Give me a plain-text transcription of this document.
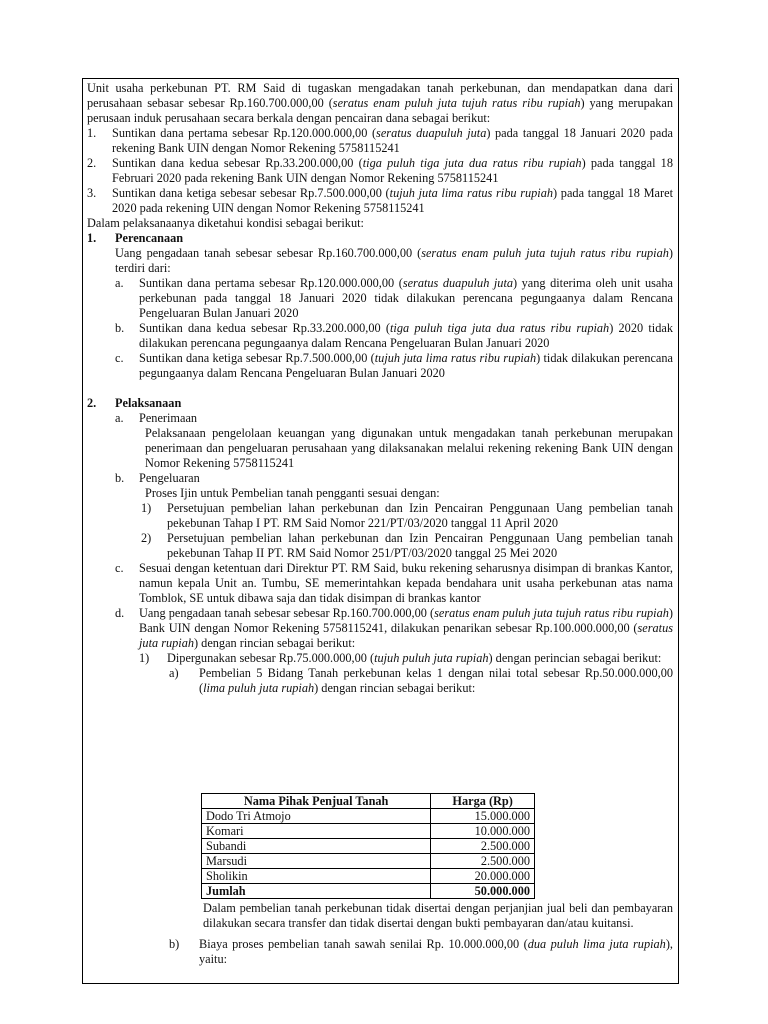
Unit usaha perkebunan PT. RM Said di tugaskan mengadakan tanah perkebunan, dan mendapatkan dana dari perusahaan sebasar sebesar Rp.160.700.000,00 (seratus enam puluh juta tujuh ratus ribu rupiah) yang merupakan perusaan induk perusahaan secara berkala dengan pencairan dana sebagai berikut:

1.	Suntikan dana pertama sebesar Rp.120.000.000,00 (seratus duapuluh juta) pada tanggal 18 Januari 2020 pada rekening Bank UIN dengan Nomor Rekening 5758115241

2.	Suntikan dana kedua sebesar Rp.33.200.000,00 (tiga puluh tiga juta dua ratus ribu rupiah) pada tanggal 18 Februari 2020 pada rekening Bank UIN dengan Nomor Rekening 5758115241

3.	Suntikan dana ketiga sebesar sebesar Rp.7.500.000,00 (tujuh juta lima ratus ribu rupiah) pada tanggal 18 Maret 2020 pada rekening UIN dengan Nomor Rekening 5758115241

Dalam pelaksanaanya diketahui kondisi sebagai berikut:

1.	Perencanaan

Uang pengadaan tanah sebesar sebesar Rp.160.700.000,00 (seratus enam puluh juta tujuh ratus ribu rupiah) terdiri dari:

a.	Suntikan dana pertama sebesar Rp.120.000.000,00 (seratus duapuluh juta) yang diterima oleh unit usaha perkebunan pada tanggal 18 Januari 2020 tidak dilakukan perencana pegungaanya dalam Rencana Pengeluaran Bulan Januari 2020

b.	Suntikan dana kedua sebesar Rp.33.200.000,00 (tiga puluh tiga juta dua ratus ribu rupiah) 2020 tidak dilakukan perencana pegungaanya dalam Rencana Pengeluaran Bulan Januari 2020

c.	Suntikan dana ketiga sebesar Rp.7.500.000,00 (tujuh juta lima ratus ribu rupiah) tidak dilakukan perencana pegungaanya dalam Rencana Pengeluaran Bulan Januari 2020

2.	Pelaksanaan
a.	Penerimaan

Pelaksanaan pengelolaan keuangan yang digunakan untuk mengadakan tanah perkebunan merupakan penerimaan dan pengeluaran perusahaan yang dilaksanakan melalui rekening rekening Bank UIN dengan Nomor Rekening 5758115241

b.	Pengeluaran

Proses Ijin untuk Pembelian tanah pengganti sesuai dengan:

1)	Persetujuan pembelian lahan perkebunan dan Izin Pencairan Penggunaan Uang pembelian tanah pekebunan Tahap I PT. RM Said Nomor 221/PT/03/2020 tanggal 11 April 2020

2)	Persetujuan pembelian lahan perkebunan dan Izin Pencairan Penggunaan Uang pembelian tanah pekebunan Tahap II PT. RM Said Nomor 251/PT/03/2020 tanggal 25 Mei 2020

c.	Sesuai dengan ketentuan dari Direktur PT. RM Said, buku rekening seharusnya disimpan di brankas Kantor, namun kepala Unit an. Tumbu, SE memerintahkan kepada bendahara unit usaha perkebunan atas nama Tomblok, SE untuk dibawa saja dan tidak disimpan di brankas kantor

d.	Uang pengadaan tanah sebesar sebesar Rp.160.700.000,00 (seratus enam puluh juta tujuh ratus ribu rupiah) Bank UIN dengan Nomor Rekening 5758115241, dilakukan penarikan sebesar Rp.100.000.000,00 (seratus juta rupiah) dengan rincian sebagai berikut:

1)	Dipergunakan sebesar Rp.75.000.000,00 (tujuh puluh juta rupiah) dengan perincian sebagai berikut:

a)	Pembelian 5 Bidang Tanah perkebunan kelas 1 dengan nilai total sebesar Rp.50.000.000,00 (lima puluh juta rupiah) dengan rincian sebagai berikut:

Nama Pihak Penjual Tanah	Harga (Rp)
Dodo Tri Atmojo	15.000.000
Komari	10.000.000
Subandi	2.500.000
Marsudi	2.500.000
Sholikin	20.000.000
Jumlah	50.000.000

Dalam pembelian tanah perkebunan tidak disertai dengan perjanjian jual beli dan pembayaran dilakukan secara transfer dan tidak disertai dengan bukti pembayaran dan/atau kuitansi.

b)	Biaya proses pembelian tanah sawah senilai Rp. 10.000.000,00 (dua puluh lima juta rupiah), yaitu:
